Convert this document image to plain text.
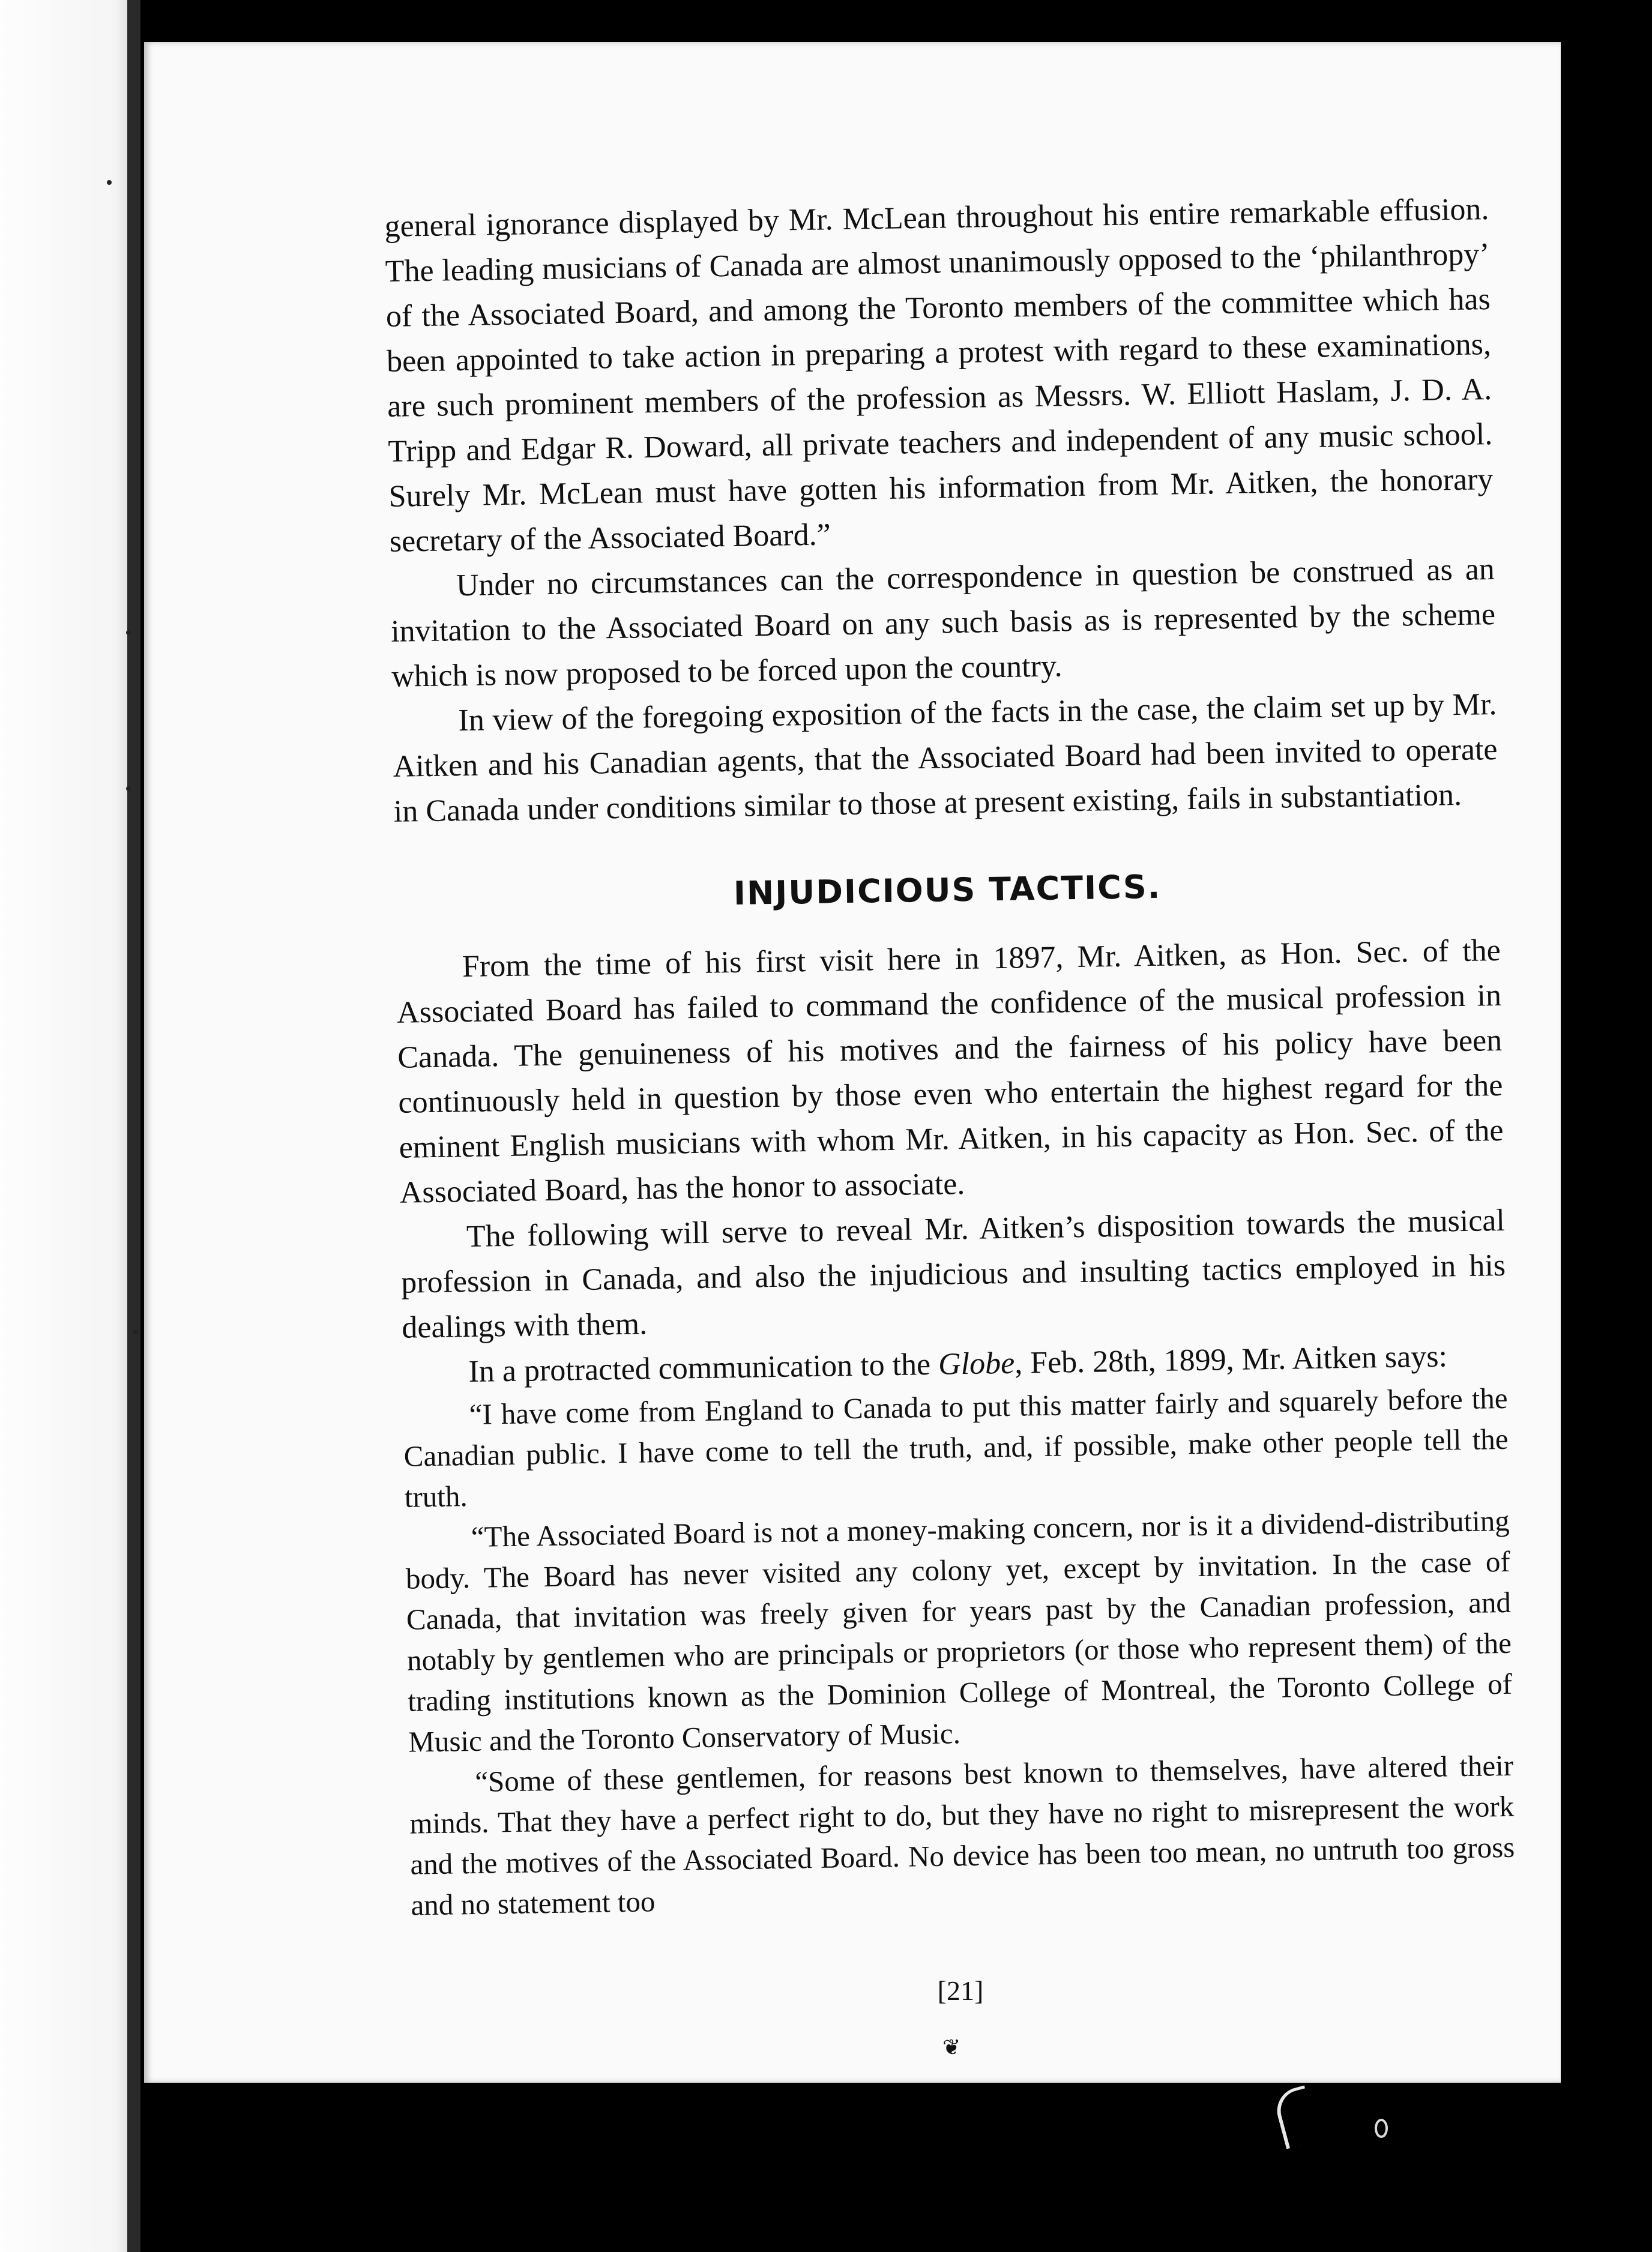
general ignorance displayed by Mr. McLean throughout his entire remarkable effusion. The leading musicians of Canada are almost unanimously opposed to the ‘philanthropy’ of the Associated Board, and among the Toronto members of the committee which has been appointed to take action in preparing a protest with regard to these examinations, are such prominent members of the profession as Messrs. W. Elliott Haslam, J. D. A. Tripp and Edgar R. Doward, all private teachers and independent of any music school. Surely Mr. McLean must have gotten his information from Mr. Aitken, the honorary secretary of the Associated Board.”

Under no circumstances can the correspondence in question be construed as an invitation to the Associated Board on any such basis as is represented by the scheme which is now proposed to be forced upon the country.

In view of the foregoing exposition of the facts in the case, the claim set up by Mr. Aitken and his Canadian agents, that the Associated Board had been invited to operate in Canada under conditions similar to those at present existing, fails in substantiation.

INJUDICIOUS TACTICS.

From the time of his first visit here in 1897, Mr. Aitken, as Hon. Sec. of the Associated Board has failed to command the confidence of the musical profession in Canada. The genuineness of his motives and the fairness of his policy have been continuously held in question by those even who entertain the highest regard for the eminent English musicians with whom Mr. Aitken, in his capacity as Hon. Sec. of the Associated Board, has the honor to associate.

The following will serve to reveal Mr. Aitken’s disposition towards the musical profession in Canada, and also the injudicious and insulting tactics employed in his dealings with them.

In a protracted communication to the Globe, Feb. 28th, 1899, Mr. Aitken says:

“I have come from England to Canada to put this matter fairly and squarely before the Canadian public. I have come to tell the truth, and, if possible, make other people tell the truth.

“The Associated Board is not a money-making concern, nor is it a dividend-distributing body. The Board has never visited any colony yet, except by invitation. In the case of Canada, that invitation was freely given for years past by the Canadian profession, and notably by gentlemen who are principals or proprietors (or those who represent them) of the trading institutions known as the Dominion College of Montreal, the Toronto College of Music and the Toronto Conservatory of Music.

“Some of these gentlemen, for reasons best known to themselves, have altered their minds. That they have a perfect right to do, but they have no right to misrepresent the work and the motives of the Associated Board. No device has been too mean, no untruth too gross and no statement too

[21]
❦
